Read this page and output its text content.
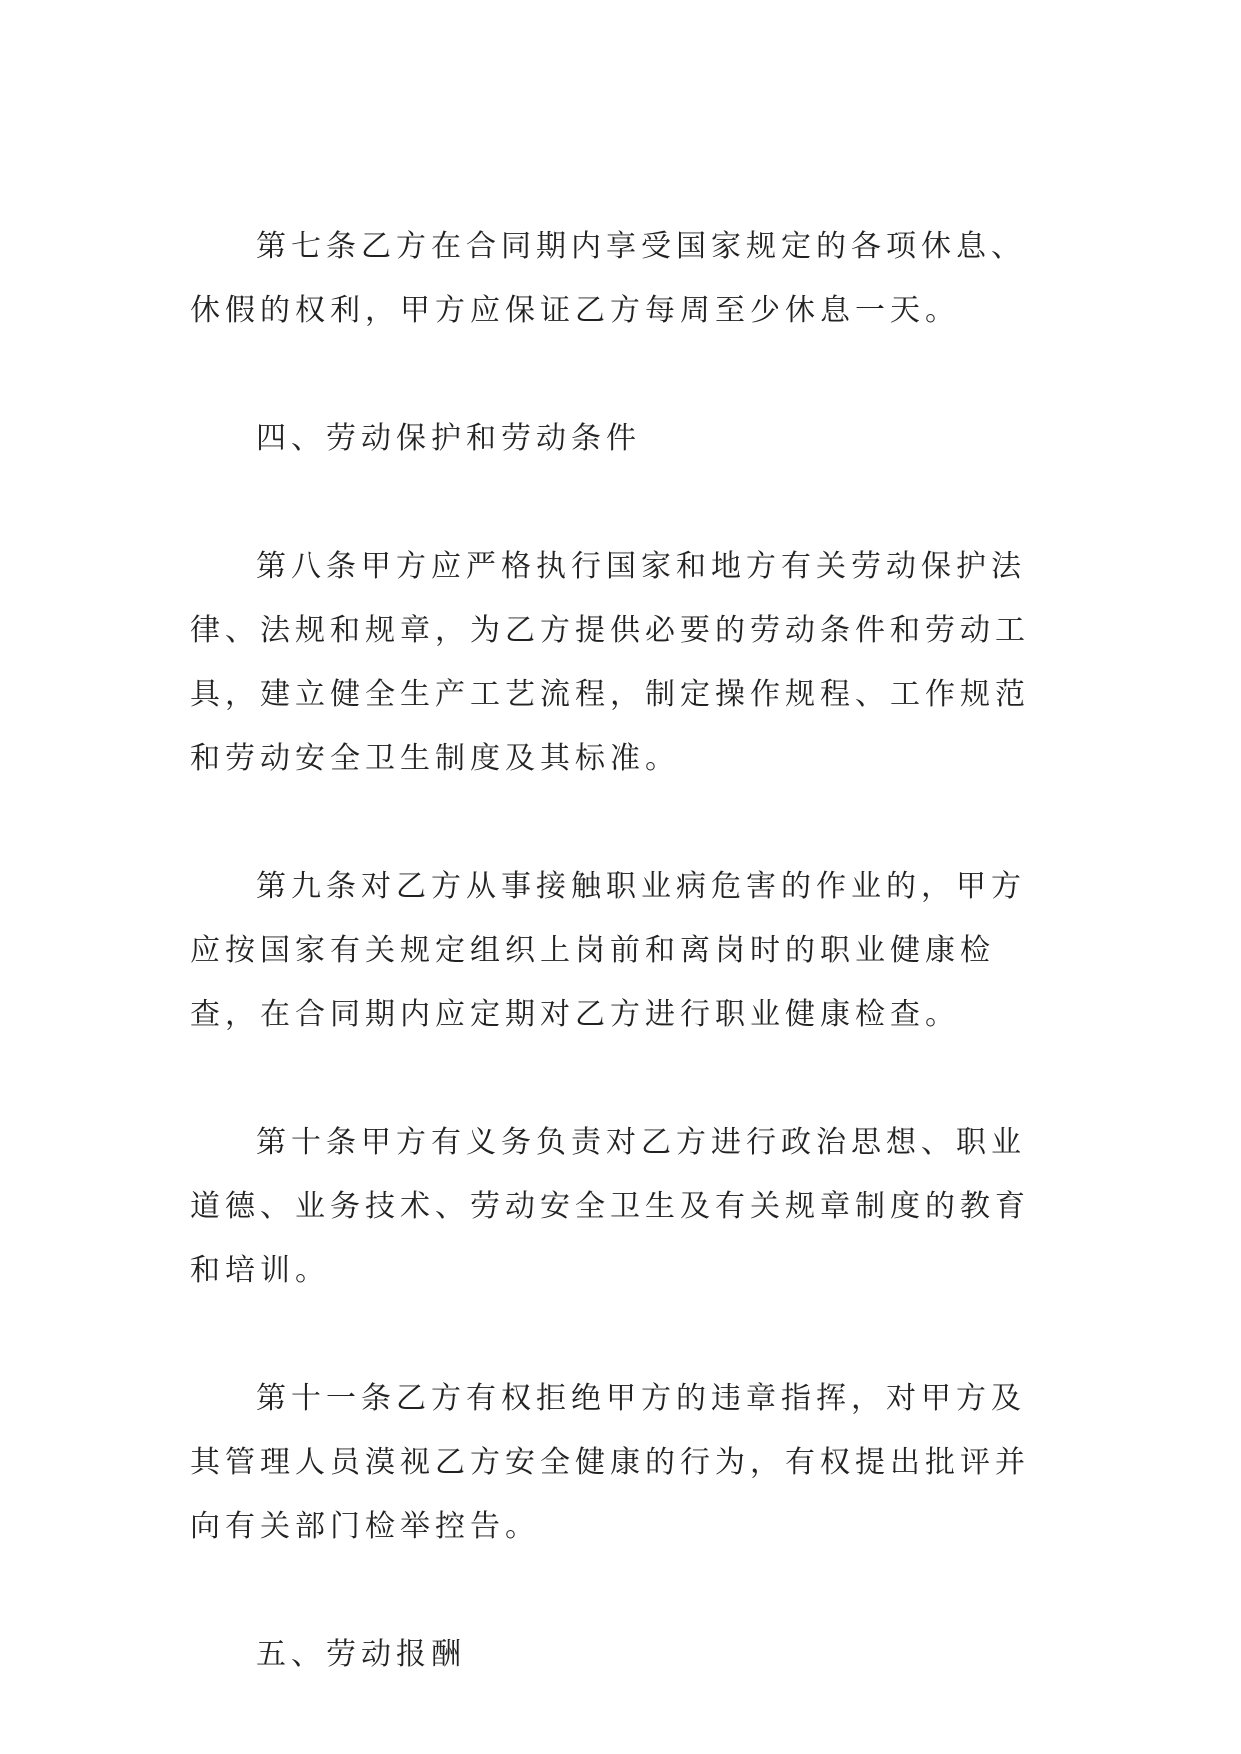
第七条乙方在合同期内享受国家规定的各项休息、休假的权利，甲方应保证乙方每周至少休息一天。

四、劳动保护和劳动条件

第八条甲方应严格执行国家和地方有关劳动保护法律、法规和规章，为乙方提供必要的劳动条件和劳动工具，建立健全生产工艺流程，制定操作规程、工作规范和劳动安全卫生制度及其标准。

第九条对乙方从事接触职业病危害的作业的，甲方应按国家有关规定组织上岗前和离岗时的职业健康检查，在合同期内应定期对乙方进行职业健康检查。

第十条甲方有义务负责对乙方进行政治思想、职业道德、业务技术、劳动安全卫生及有关规章制度的教育和培训。

第十一条乙方有权拒绝甲方的违章指挥，对甲方及其管理人员漠视乙方安全健康的行为，有权提出批评并向有关部门检举控告。

五、劳动报酬
